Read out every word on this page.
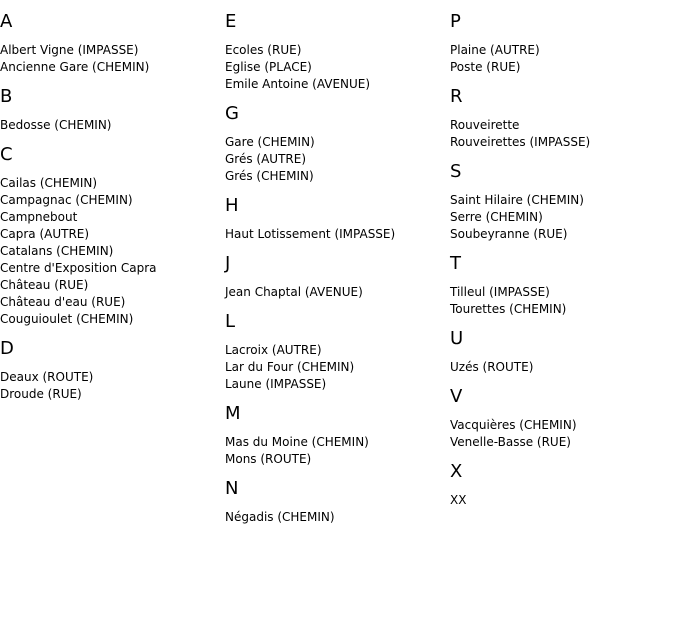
A
Albert Vigne (IMPASSE)
Ancienne Gare (CHEMIN)
B
Bedosse (CHEMIN)
C
Cailas (CHEMIN)
Campagnac (CHEMIN)
Campnebout
Capra (AUTRE)
Catalans (CHEMIN)
Centre d'Exposition Capra
Château (RUE)
Château d'eau (RUE)
Couguioulet (CHEMIN)
D
Deaux (ROUTE)
Droude (RUE)
E
Ecoles (RUE)
Eglise (PLACE)
Emile Antoine (AVENUE)
G
Gare (CHEMIN)
Grés (AUTRE)
Grés (CHEMIN)
H
Haut Lotissement (IMPASSE)
J
Jean Chaptal (AVENUE)
L
Lacroix (AUTRE)
Lar du Four (CHEMIN)
Laune (IMPASSE)
M
Mas du Moine (CHEMIN)
Mons (ROUTE)
N
Négadis (CHEMIN)
P
Plaine (AUTRE)
Poste (RUE)
R
Rouveirette
Rouveirettes (IMPASSE)
S
Saint Hilaire (CHEMIN)
Serre (CHEMIN)
Soubeyranne (RUE)
T
Tilleul (IMPASSE)
Tourettes (CHEMIN)
U
Uzés (ROUTE)
V
Vacquières (CHEMIN)
Venelle-Basse (RUE)
X
XX
